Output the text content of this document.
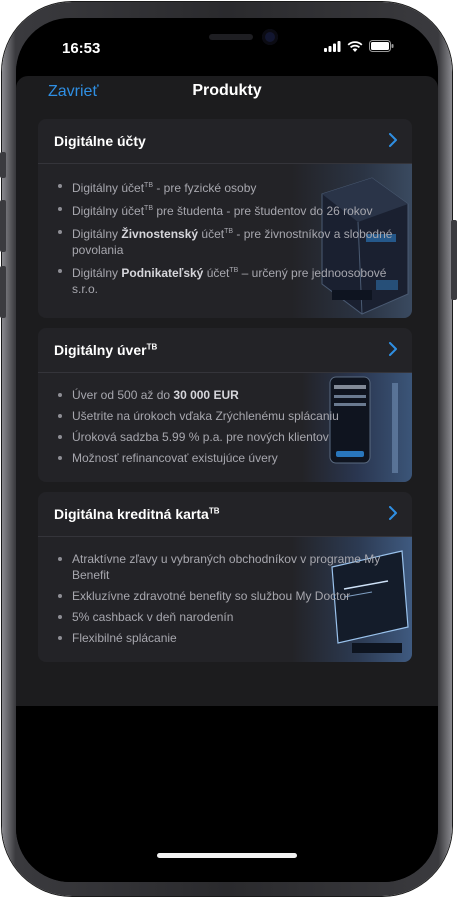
16:53
Zavrieť	Produkty
Digitálne účty
Digitálny účet$^{TB}$ - pre fyzické osoby
Digitálny účet$^{TB}$ pre študenta - pre študentov do 26 rokov
Digitálny Živnostenský účet$^{TB}$ - pre živnostníkov a slobodné povolania
Digitálny Podnikateľský účet$^{TB}$ – určený pre jednoosobové s.r.o.
Digitálny úver$^{TB}$
Úver od 500 až do 30 000 EUR
Ušetrite na úrokoch vďaka Zrýchlenému splácaniu
Úroková sadzba 5.99 % p.a. pre nových klientov
Možnosť refinancovať existujúce úvery
Digitálna kreditná karta$^{TB}$
Atraktívne zľavy u vybraných obchodníkov v programe My Benefit
Exkluzívne zdravotné benefity so službou My Doctor
5% cashback v deň narodenín
Flexibilné splácanie
